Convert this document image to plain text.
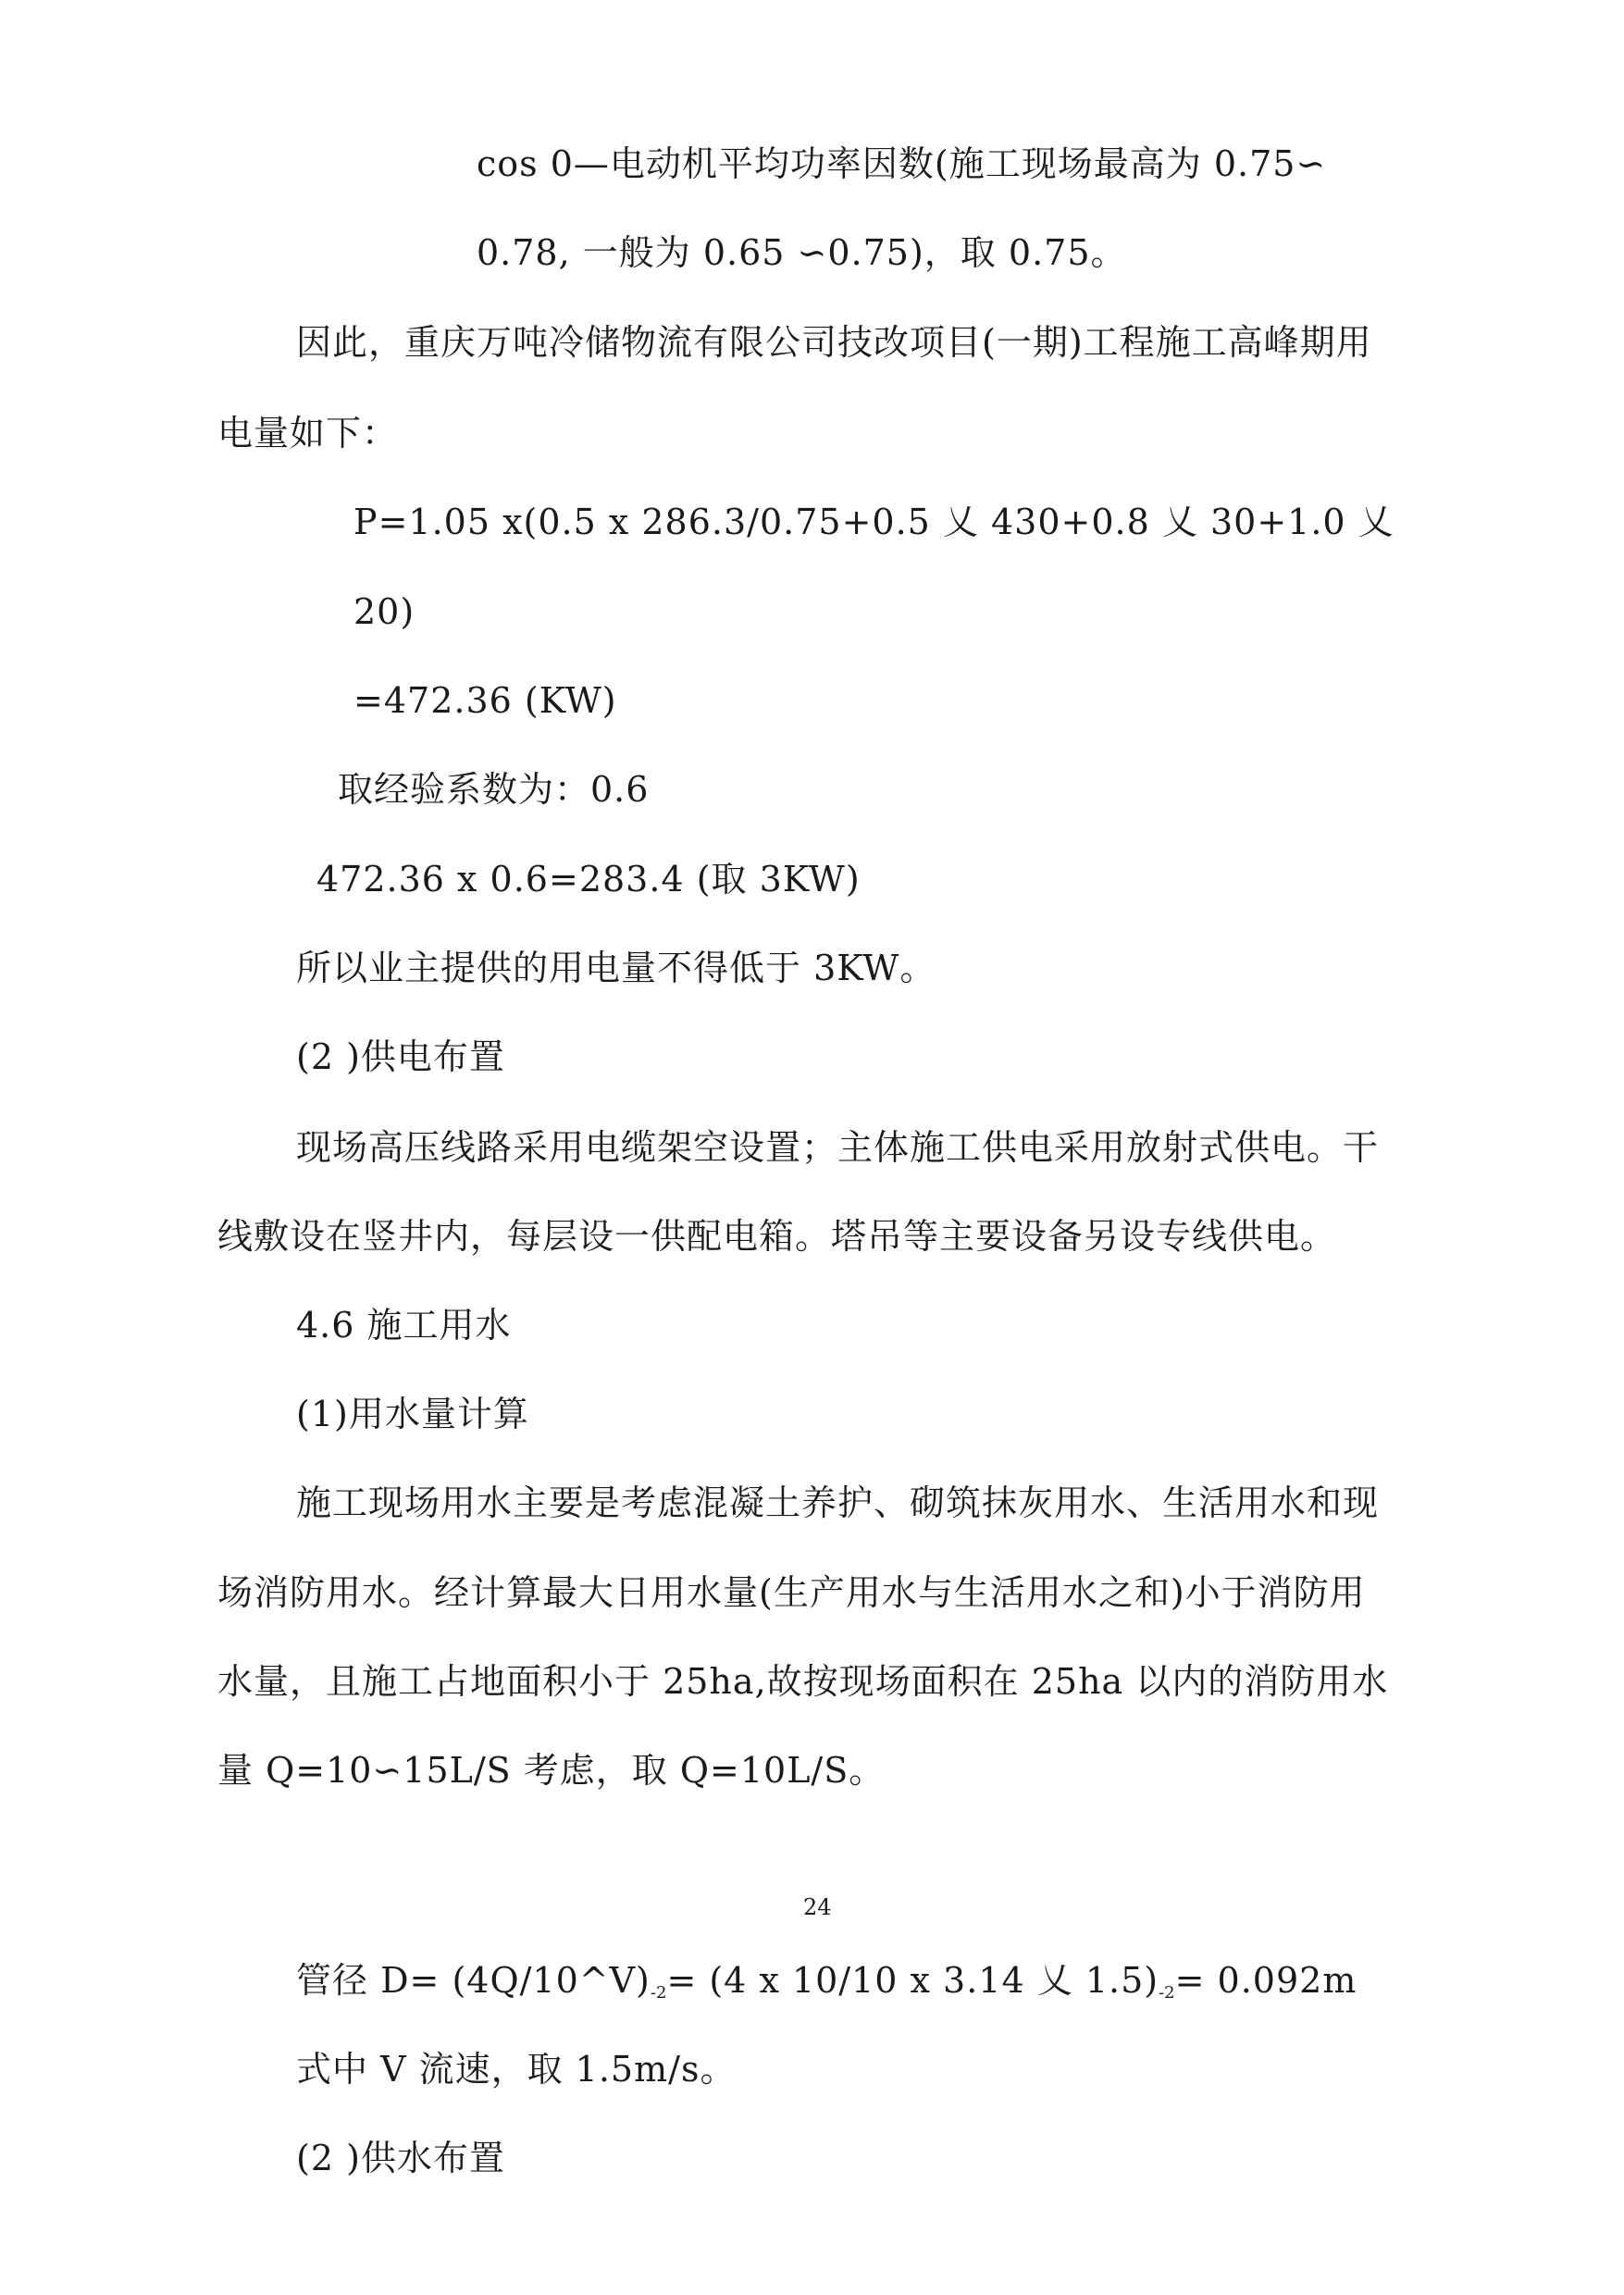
cos 0—电动机平均功率因数(施工现场最高为 0.75∽
0.78, 一般为 0.65 ∽0.75)，取 0.75。
因此，重庆万吨冷储物流有限公司技改项目(一期)工程施工高峰期用
电量如下：
P=1.05 x(0.5 x 286.3/0.75+0.5 乂 430+0.8 乂 30+1.0 乂
20)
=472.36 (KW)
取经验系数为：0.6
472.36 x 0.6=283.4 (取 3KW)
所以业主提供的用电量不得低于 3KW。
(2 )供电布置
现场高压线路采用电缆架空设置；主体施工供电采用放射式供电。干
线敷设在竖井内，每层设一供配电箱。塔吊等主要设备另设专线供电。
4.6 施工用水
(1)用水量计算
施工现场用水主要是考虑混凝土养护、砌筑抹灰用水、生活用水和现
场消防用水。经计算最大日用水量(生产用水与生活用水之和)小于消防用
水量，且施工占地面积小于 25ha,故按现场面积在 25ha 以内的消防用水
量 Q=10∽15L/S 考虑，取 Q=10L/S。
24
管径 $D= (4Q/10\^{}V)_{-2}= (4$ x 10/10 x 3.14 乂 $1.5)_{-2}= 0.092m$
式中 V 流速，取 1.5m/s。
(2 )供水布置
